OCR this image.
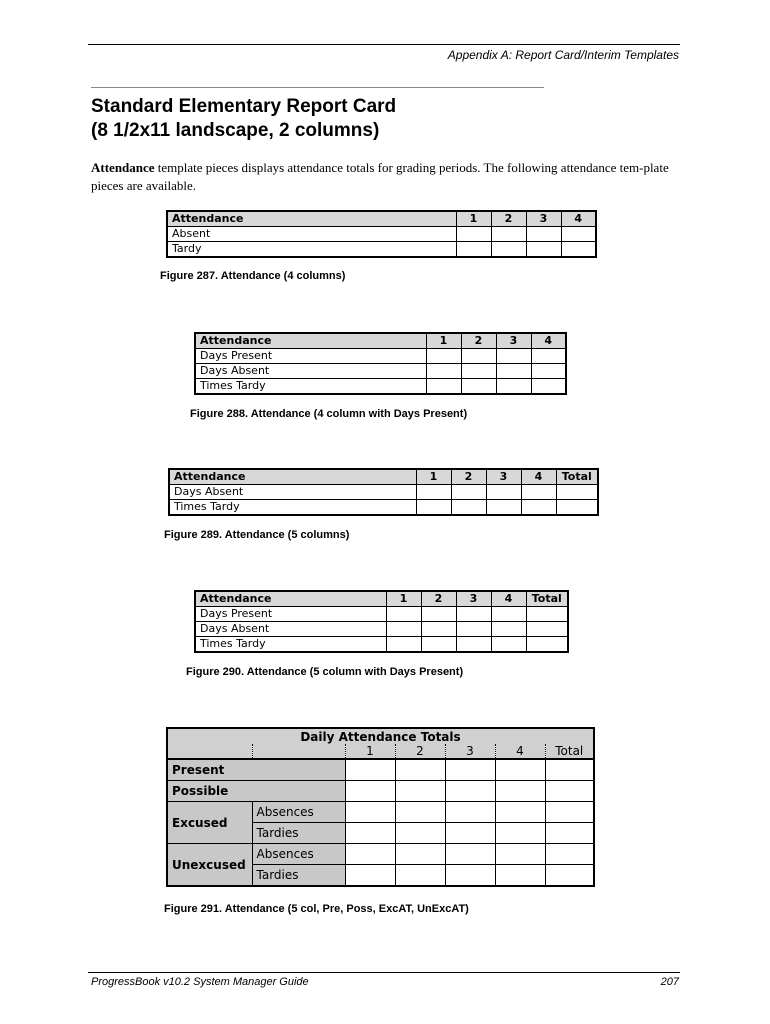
Appendix A: Report Card/Interim Templates
Standard Elementary Report Card
(8 1/2x11 landscape, 2 columns)
Attendance template pieces displays attendance totals for grading periods. The following attendance tem-plate pieces are available.
Attendance	1	2	3	4
Absent				
Tardy				
Figure 287. Attendance (4 columns)
Attendance	1	2	3	4
Days Present				
Days Absent				
Times Tardy				
Figure 288. Attendance (4 column with Days Present)
Attendance	1	2	3	4	Total
Days Absent					
Times Tardy					
Figure 289. Attendance (5 columns)
Attendance	1	2	3	4	Total
Days Present					
Days Absent					
Times Tardy					
Figure 290. Attendance (5 column with Days Present)
Daily Attendance Totals						
		1	2	3	4	Total
Present						
Possible						
Excused	Absences					
	Tardies					
Unexcused	Absences					
	Tardies					
Figure 291. Attendance (5 col, Pre, Poss, ExcAT, UnExcAT)
ProgressBook v10.2 System Manager Guide	207
